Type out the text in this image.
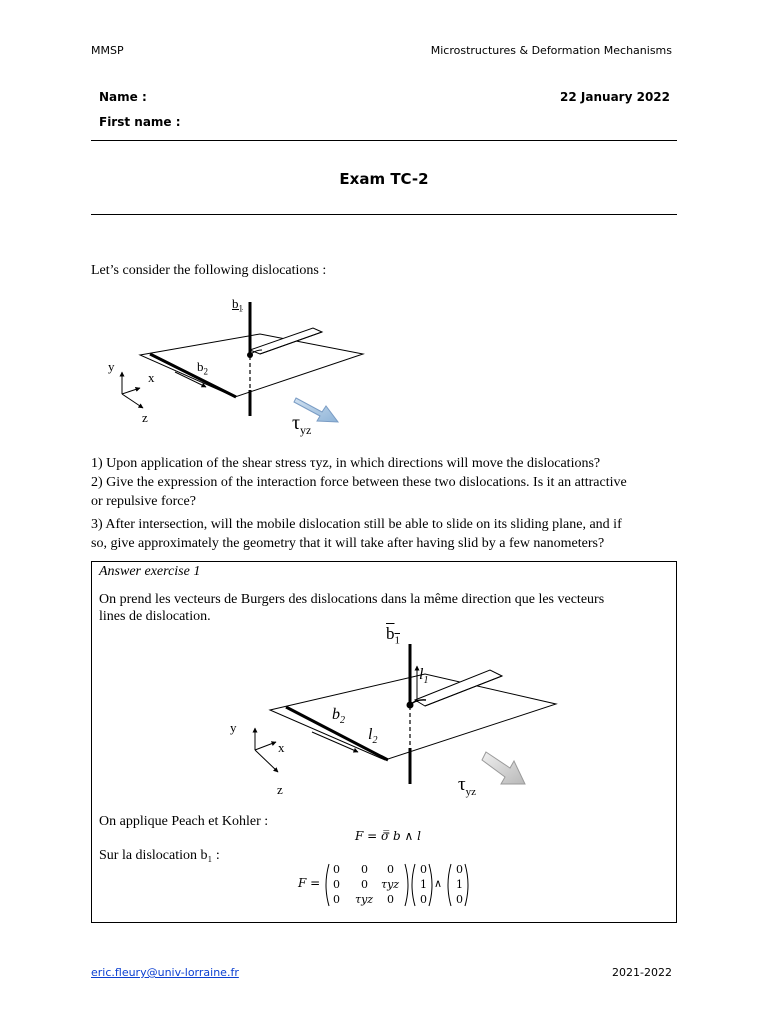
MMSP	Microstructures & Deformation Mechanisms
Name :
First name :
22 January 2022
Exam TC-2
Let’s consider the following dislocations :
$b_1$
$b_2$
y
x
z	$\tau_{yz}$
1) Upon application of the shear stress τyz, in which directions will move the dislocations?
2) Give the expression of the interaction force between these two dislocations. Is it an attractive
or repulsive force?
3) After intersection, will the mobile dislocation still be able to slide on its sliding plane, and if
so, give approximately the geometry that it will take after having slid by a few nanometers?
Answer exercise 1
On prend les vecteurs de Burgers des dislocations dans la même direction que les vecteurs
lines de dislocation.
$b_1$
$l_1$
$b_2$
$l_2$
y
x
z	$\tau_{yz}$
On applique Peach et Kohler :
F = σ̿ b ∧ l
Sur la dislocation b₁ :
F =
0 0 0
0 0 τyz
0 τyz 0
0
1
0
∧
0
1
0
eric.fleury@univ-lorraine.fr	2021-2022
